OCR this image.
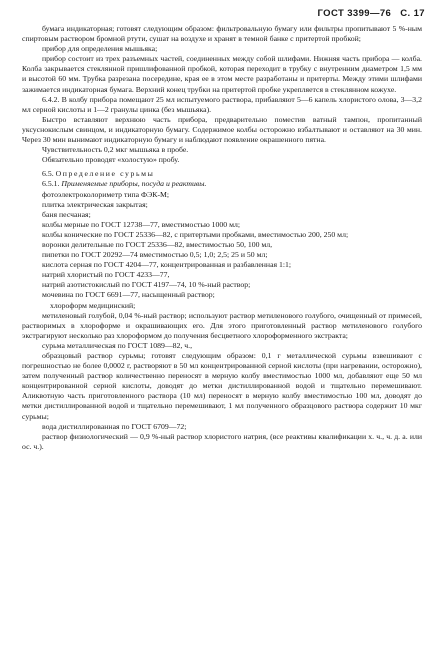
ГОСТ 3399—76 С. 17

бумага индикаторная; готовят следующим образом: фильтровальную бумагу или фильтры пропитывают 5 %-ным спиртовым раствором бромной ртути, сушат на воздухе и хранят в темной банке с притертой пробкой;

прибор для определения мышьяка;

прибор состоит из трех разъемных частей, соединенных между собой шлифами. Нижняя часть прибора — колба. Колба закрывается стеклянной пришлифованной пробкой, которая переходит в трубку с внутренним диаметром 1,5 мм и высотой 60 мм. Трубка разрезана посередине, края ее в этом месте разработаны и притерты. Между этими шлифами зажимается индикаторная бумага. Верхний конец трубки на притертой пробке укрепляется в стеклянном кожухе.

6.4.2. В колбу прибора помещают 25 мл испытуемого раствора, прибавляют 5—6 капель хлористого олова, 3—3,2 мл серной кислоты и 1—2 гранулы цинка (без мышьяка).

Быстро вставляют верхнюю часть прибора, предварительно поместив ватный тампон, пропитанный уксуснокислым свинцом, и индикаторную бумагу. Содержимое колбы осторожно взбалтывают и оставляют на 30 мин. Через 30 мин вынимают индикаторную бумагу и наблюдают появление окрашенного пятна.

Чувствительность 0,2 мкг мышьяка в пробе.

Обязательно проводят «холостую» пробу.

6.5. Определение сурьмы

6.5.1. Применяемые приборы, посуда и реактивы.

фотоэлектроколориметр типа ФЭК-М;

плитка электрическая закрытая;

баня песчаная;

колбы мерные по ГОСТ 12738—77, вместимостью 1000 мл;

колбы конические по ГОСТ 25336—82, с притертыми пробками, вместимостью 200, 250 мл;

воронки делительные по ГОСТ 25336—82, вместимостью 50, 100 мл,

пипетки по ГОСТ 20292—74 вместимостью 0,5; 1,0; 2,5; 25 и 50 мл;

кислота серная по ГОСТ 4204—77, концентрированная и разбавленная 1:1;

натрий хлористый по ГОСТ 4233—77,

натрий азотистокислый по ГОСТ 4197—74, 10 %-ный раствор;

мочевина по ГОСТ 6691—77, насыщенный раствор;

хлороформ медицинский;

метиленовый голубой, 0,04 %-ный раствор; используют раствор метиленового голубого, очищенный от примесей, растворимых в хлороформе и окрашивающих его. Для этого приготовленный раствор метиленового голубого экстрагируют несколько раз хлороформом до получения бесцветного хлороформенного экстракта;

сурьма металлическая по ГОСТ 1089—82, ч.,

образцовый раствор сурьмы; готовят следующим образом: 0,1 г металлической сурьмы взвешивают с погрешностью не более 0,0002 г, растворяют в 50 мл концентрированной серной кислоты (при нагревании, осторожно), затем полученный раствор количественно переносят в мерную колбу вместимостью 1000 мл, добавляют еще 50 мл концентрированной серной кислоты, доводят до метки дистиллированной водой и тщательно перемешивают. Аликвотную часть приготовленного раствора (10 мл) переносят в мерную колбу вместимостью 100 мл, доводят до метки дистиллированной водой и тщательно перемешивают, 1 мл полученного образцового раствора содержит 10 мкг сурьмы;

вода дистиллированная по ГОСТ 6709—72;

раствор физиологический — 0,9 %-ный раствор хлористого натрия, (все реактивы квалификации х. ч., ч. д. а. или ос. ч.).
